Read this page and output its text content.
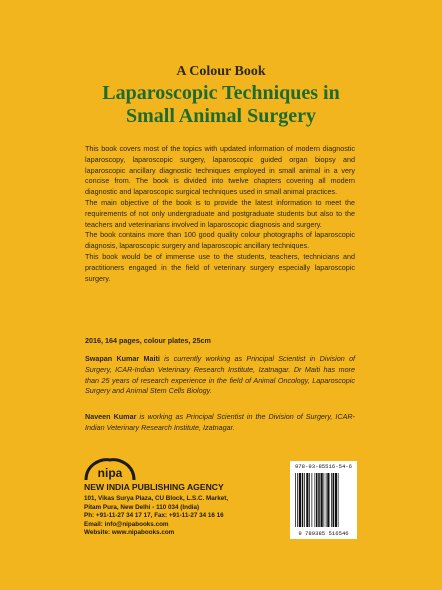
A Colour Book
Laparoscopic Techniques in
Small Animal Surgery

This book covers most of the topics with updated information of modern diagnostic laparoscopy, laparoscopic surgery, laparoscopic guided organ biopsy and laparoscopic ancillary diagnostic techniques employed in small animal in a very concise from. The book is divided into twelve chapters covering all modern diagnostic and laparoscopic surgical techniques used in small animal practices.

The main objective of the book is to provide the latest information to meet the requirements of not only undergraduate and postgraduate students but also to the teachers and veterinarians involved in laparoscopic diagnosis and surgery.

The book contains more than 100 good quality colour photographs of laparoscopic diagnosis, laparoscopic surgery and laparoscopic ancillary techniques.

This book would be of immense use to the students, teachers, technicians and practitioners engaged in the field of veterinary surgery especially laparoscopic surgery.

2016, 164 pages, colour plates, 25cm

Swapan Kumar Maiti is currently working as Principal Scientist in Division of Surgery, ICAR-Indian Veterinary Research Institute, Izatnagar. Dr Maiti has more than 25 years of research experience in the field of Animal Oncology, Laparoscopic Surgery and Animal Stem Cells Biology.

Naveen Kumar is working as Principal Scientist in the Division of Surgery, ICAR-Indian Veterinary Research Institute, Izatnagar.

nipa
NEW INDIA PUBLISHING AGENCY
101, Vikas Surya Plaza, CU Block, L.S.C. Market,
Pitam Pura, New Delhi - 110 034 (India)
Ph: +91-11-27 34 17 17, Fax: +91-11-27 34 16 16
Email: info@nipabooks.com
Website: www.nipabooks.com
978-93-85516-54-6
9 789385 516546
